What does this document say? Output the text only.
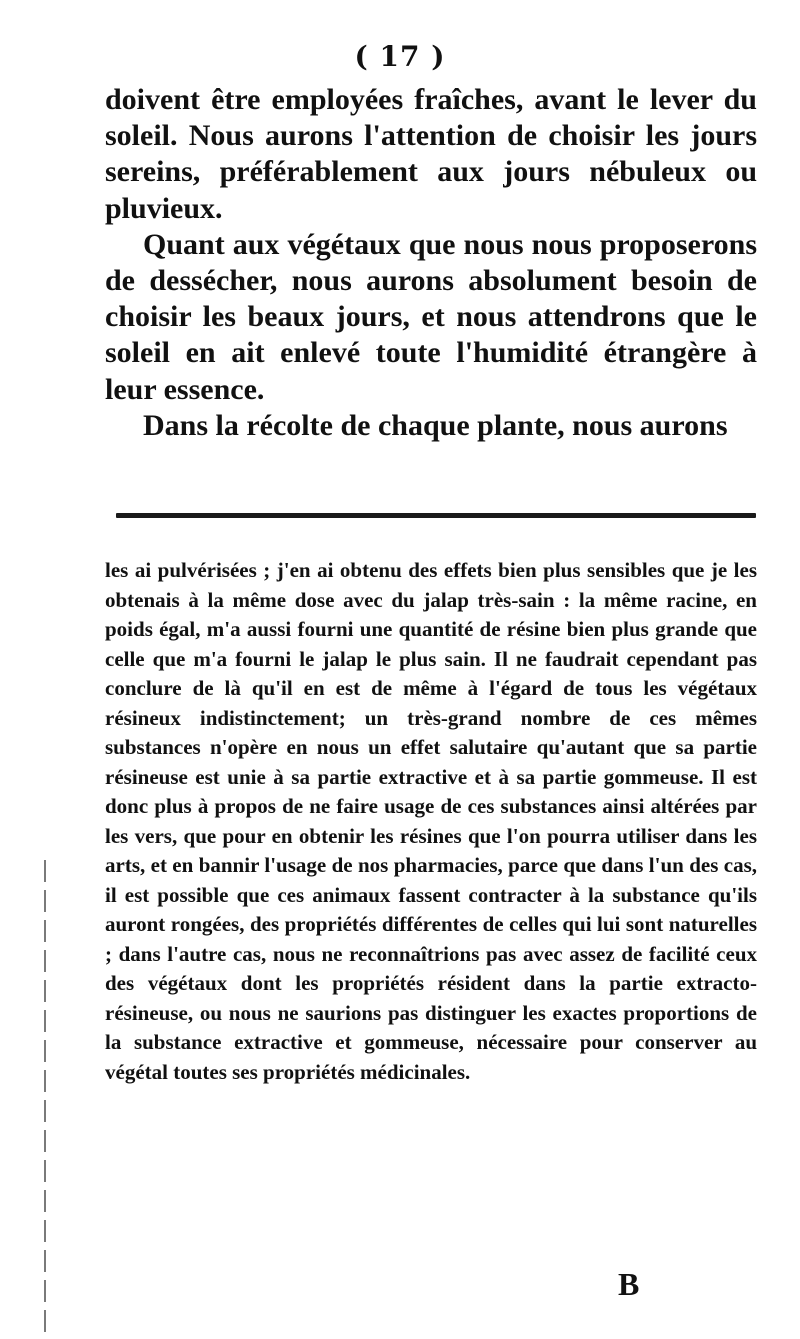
( 17 )

doivent être employées fraîches, avant le lever du soleil. Nous aurons l'attention de choisir les jours sereins, préférablement aux jours nébuleux ou pluvieux.

Quant aux végétaux que nous nous proposerons de dessécher, nous aurons absolument besoin de choisir les beaux jours, et nous attendrons que le soleil en ait enlevé toute l'humidité étrangère à leur essence.

Dans la récolte de chaque plante, nous aurons

les ai pulvérisées ; j'en ai obtenu des effets bien plus sensibles que je les obtenais à la même dose avec du jalap très-sain : la même racine, en poids égal, m'a aussi fourni une quantité de résine bien plus grande que celle que m'a fourni le jalap le plus sain. Il ne faudrait cependant pas conclure de là qu'il en est de même à l'égard de tous les végétaux résineux indistinctement; un très-grand nombre de ces mêmes substances n'opère en nous un effet salutaire qu'autant que sa partie résineuse est unie à sa partie extractive et à sa partie gommeuse. Il est donc plus à propos de ne faire usage de ces substances ainsi altérées par les vers, que pour en obtenir les résines que l'on pourra utiliser dans les arts, et en bannir l'usage de nos pharmacies, parce que dans l'un des cas, il est possible que ces animaux fassent contracter à la substance qu'ils auront rongées, des propriétés différentes de celles qui lui sont naturelles ; dans l'autre cas, nous ne reconnaîtrions pas avec assez de facilité ceux des végétaux dont les propriétés résident dans la partie extracto-résineuse, ou nous ne saurions pas distinguer les exactes proportions de la substance extractive et gommeuse, nécessaire pour conserver au végétal toutes ses propriétés médicinales.

B
